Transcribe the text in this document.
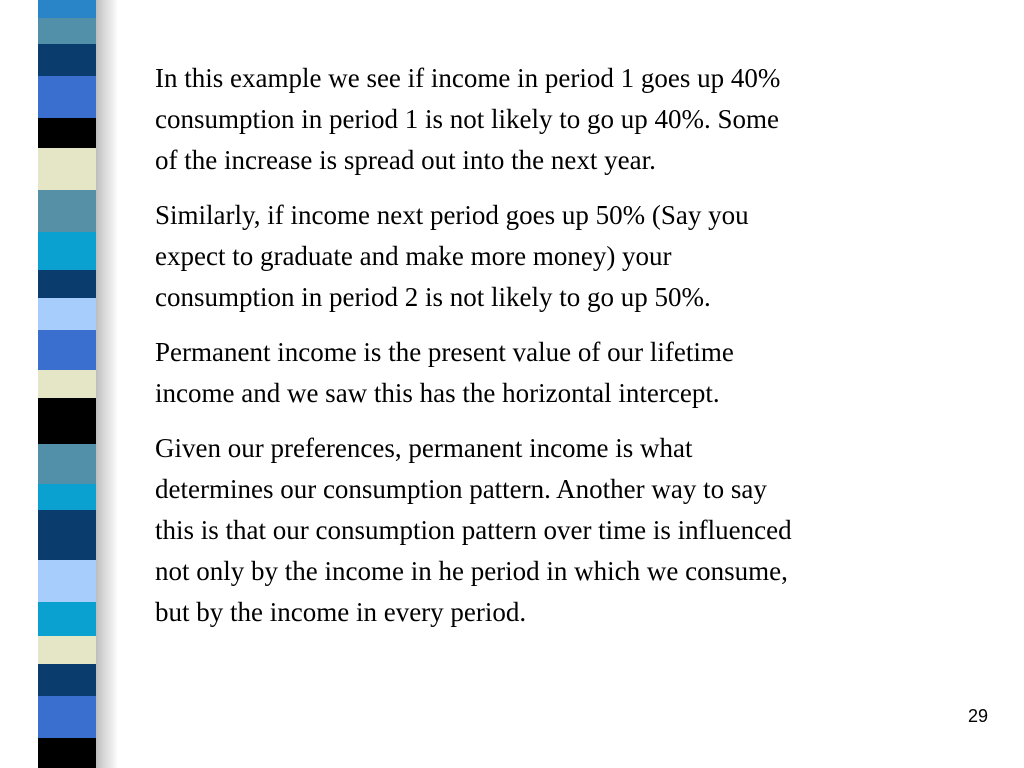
In this example we see if income in period 1 goes up 40%
consumption in period 1 is not likely to go up 40%. Some
of the increase is spread out into the next year.

Similarly, if income next period goes up 50% (Say you
expect to graduate and make more money) your
consumption in period 2 is not likely to go up 50%.

Permanent income is the present value of our lifetime
income and we saw this has the horizontal intercept.

Given our preferences, permanent income is what
determines our consumption pattern. Another way to say
this is that our consumption pattern over time is influenced
not only by the income in he period in which we consume,
but by the income in every period.

29
